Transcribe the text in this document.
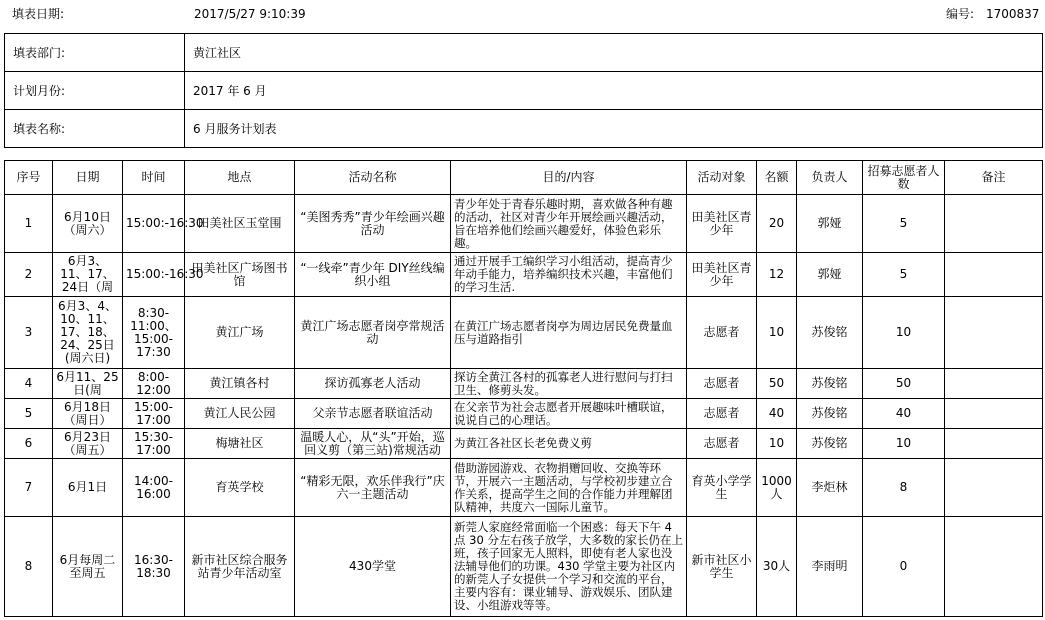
填表日期:	2017/5/27 9:10:39	编号: 1700837
填表部门:	黄江社区
计划月份:	2017 年 6 月
填表名称:	6 月服务计划表
序号	日期	时间	地点	活动名称	目的/内容	活动对象	名额	负责人	招募志愿者人数	备注
1	6月10日（周六）	15:00:-16:30	田美社区玉堂围	“美图秀秀”青少年绘画兴趣活动	青少年处于青春乐趣时期，喜欢做各种有趣的活动，社区对青少年开展绘画兴趣活动，旨在培养他们绘画兴趣爱好，体验色彩乐趣。	田美社区青少年	20	郭娅	5	
2	6月3、11、17、24日（周	15:00:-16:30	田美社区广场图书馆	“一线牵”青少年 DIY丝线编织小组	通过开展手工编织学习小组活动，提高青少年动手能力，培养编织技术兴趣，丰富他们的学习生活.	田美社区青少年	12	郭娅	5	
3	6月3、4、10、11、17、18、24、25日(周六日)	8:30-11:00、15:00-17:30	黄江广场	黄江广场志愿者岗亭常规活动	在黄江广场志愿者岗亭为周边居民免费量血压与道路指引	志愿者	10	苏俊铭	10	
4	6月11、25日(周	8:00-12:00	黄江镇各村	探访孤寡老人活动	探访全黄江各村的孤寡老人进行慰问与打扫卫生、修剪头发。	志愿者	50	苏俊铭	50	
5	6月18日（周日）	15:00-17:00	黄江人民公园	父亲节志愿者联谊活动	在父亲节为社会志愿者开展趣味叶槽联谊，说说自己的心理话。	志愿者	40	苏俊铭	40	
6	6月23日（周五）	15:30-17:00	梅塘社区	温暖人心，从“头”开始，巡回义剪（第三站)常规活动	为黄江各社区长老免费义剪	志愿者	10	苏俊铭	10	
7	6月1日	14:00-16:00	育英学校	“精彩无限，欢乐伴我行”庆六一主题活动	借助游园游戏、衣物捐赠回收、交换等环节，开展六一主题活动，与学校初步建立合作关系，提高学生之间的合作能力并理解团队精神，共度六一国际儿童节。	育英小学学生	1000人	李炬林	8	
8	6月每周二至周五	16:30-18:30	新市社区综合服务站青少年活动室	430学堂	新莞人家庭经常面临一个困惑：每天下午 4 点 30 分左右孩子放学，大多数的家长仍在上班，孩子回家无人照料，即使有老人家也没法辅导他们的功课。430 学堂主要为社区内的新莞人子女提供一个学习和交流的平台，主要内容有：课业辅导、游戏娱乐、团队建设、小组游戏等等。	新市社区小学生	30人	李雨明	0	
